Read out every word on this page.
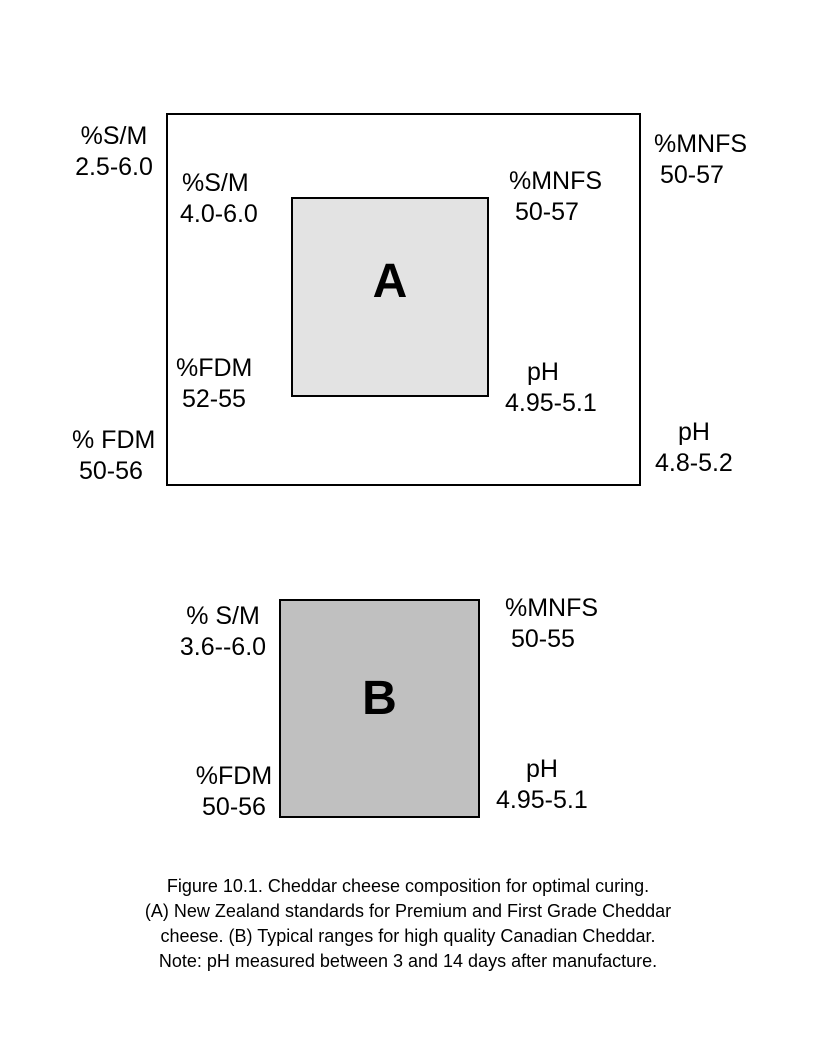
A
%S/M
2.5-6.0
%MNFS
50-57
% FDM
50-56
pH
4.8-5.2
%S/M
4.0-6.0
%MNFS
50-57
%FDM
52-55
pH
4.95-5.1
B
% S/M
3.6--6.0
%MNFS
50-55
%FDM
50-56
pH
4.95-5.1
Figure 10.1. Cheddar cheese composition for optimal curing.
(A) New Zealand standards for Premium and First Grade Cheddar
cheese. (B) Typical ranges for high quality Canadian Cheddar.
Note: pH measured between 3 and 14 days after manufacture.
